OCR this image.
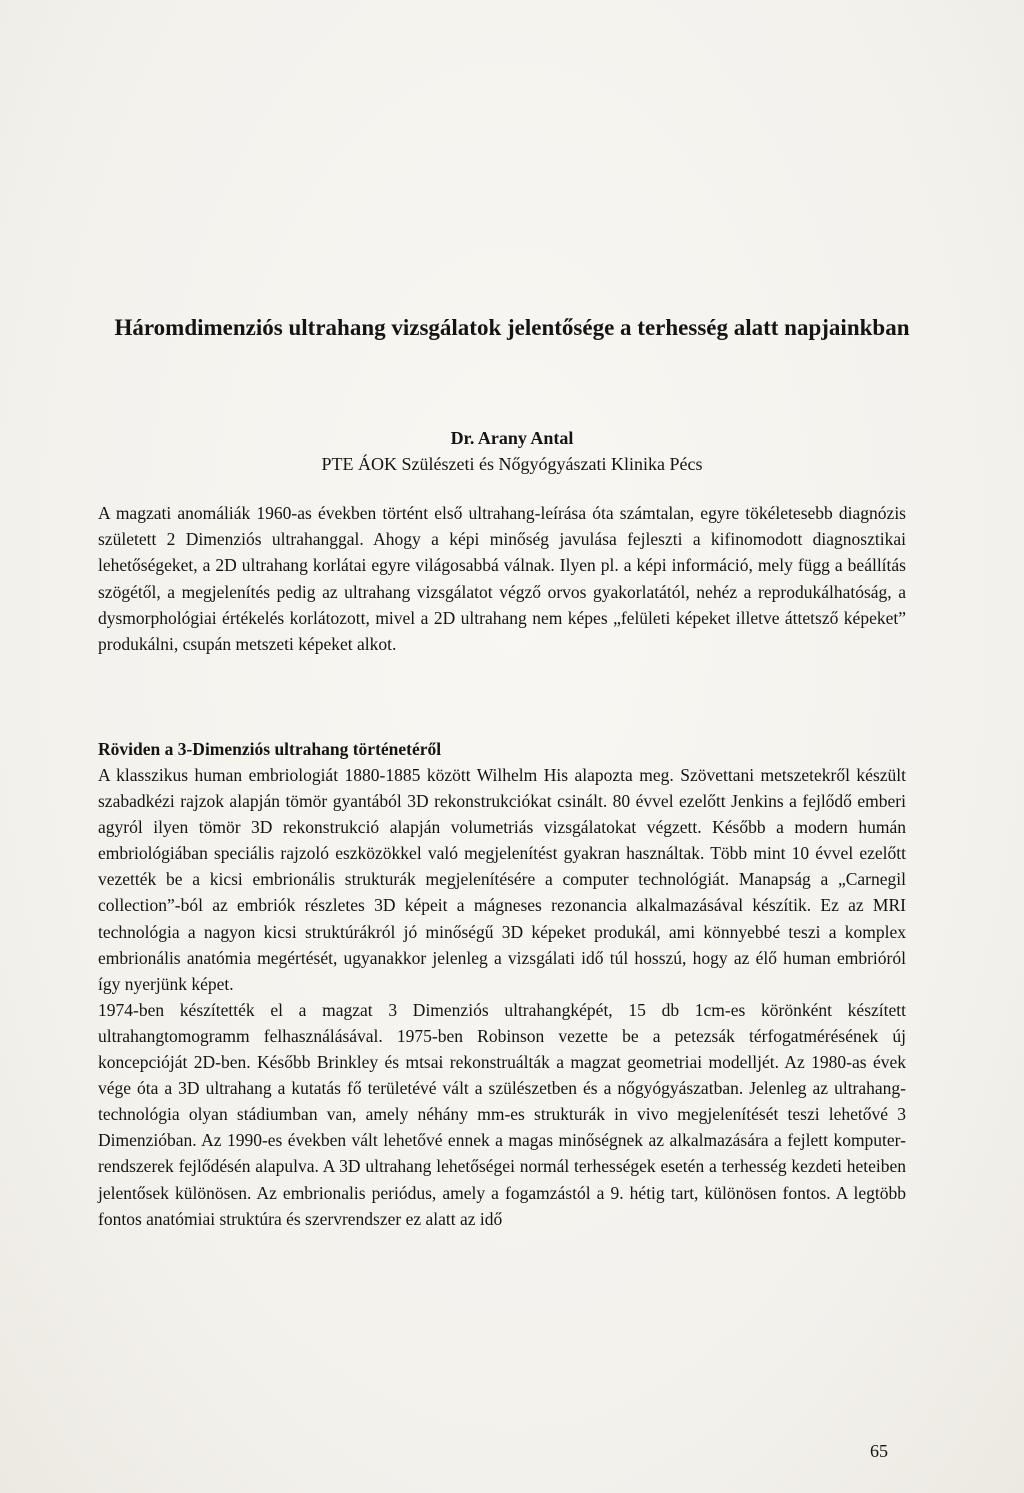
Háromdimenziós ultrahang vizsgálatok jelentősége a terhesség alatt napjainkban
Dr. Arany Antal
PTE ÁOK Szülészeti és Nőgyógyászati Klinika Pécs

A magzati anomáliák 1960-as években történt első ultrahang-leírása óta számtalan, egyre tökéletesebb diagnózis született 2 Dimenziós ultrahanggal. Ahogy a képi minőség javulása fejleszti a kifinomodott diagnosztikai lehetőségeket, a 2D ultrahang korlátai egyre világosabbá válnak. Ilyen pl. a képi információ, mely függ a beállítás szögétől, a megjelenítés pedig az ultrahang vizsgálatot végző orvos gyakorlatától, nehéz a reprodukálhatóság, a dysmorphológiai értékelés korlátozott, mivel a 2D ultrahang nem képes „felületi képeket illetve áttetsző képeket” produkálni, csupán metszeti képeket alkot.

Röviden a 3-Dimenziós ultrahang történetéről

A klasszikus human embriologiát 1880-1885 között Wilhelm His alapozta meg. Szövettani metszetekről készült szabadkézi rajzok alapján tömör gyantából 3D rekonstrukciókat csinált. 80 évvel ezelőtt Jenkins a fejlődő emberi agyról ilyen tömör 3D rekonstrukció alapján volumetriás vizsgálatokat végzett. Később a modern humán embriológiában speciális rajzoló eszközökkel való megjelenítést gyakran használtak. Több mint 10 évvel ezelőtt vezették be a kicsi embrionális strukturák megjelenítésére a computer technológiát. Manapság a „Carnegil collection”-ból az embriók részletes 3D képeit a mágneses rezonancia alkalmazásával készítik. Ez az MRI technológia a nagyon kicsi struktúrákról jó minőségű 3D képeket produkál, ami könnyebbé teszi a komplex embrionális anatómia megértését, ugyanakkor jelenleg a vizsgálati idő túl hosszú, hogy az élő human embrióról így nyerjünk képet.

1974-ben készítették el a magzat 3 Dimenziós ultrahangképét, 15 db 1cm-es körönként készített ultrahangtomogramm felhasználásával. 1975-ben Robinson vezette be a petezsák térfogatmérésének új koncepcióját 2D-ben. Később Brinkley és mtsai rekonstruálták a magzat geometriai modelljét. Az 1980-as évek vége óta a 3D ultrahang a kutatás fő területévé vált a szülészetben és a nőgyógyászatban. Jelenleg az ultrahang-technológia olyan stádiumban van, amely néhány mm-es strukturák in vivo megjelenítését teszi lehetővé 3 Dimenzióban. Az 1990-es években vált lehetővé ennek a magas minőségnek az alkalmazására a fejlett komputer-rendszerek fejlődésén alapulva. A 3D ultrahang lehetőségei normál terhességek esetén a terhesség kezdeti heteiben jelentősek különösen. Az embrionalis periódus, amely a fogamzástól a 9. hétig tart, különösen fontos. A legtöbb fontos anatómiai struktúra és szervrendszer ez alatt az idő

65
